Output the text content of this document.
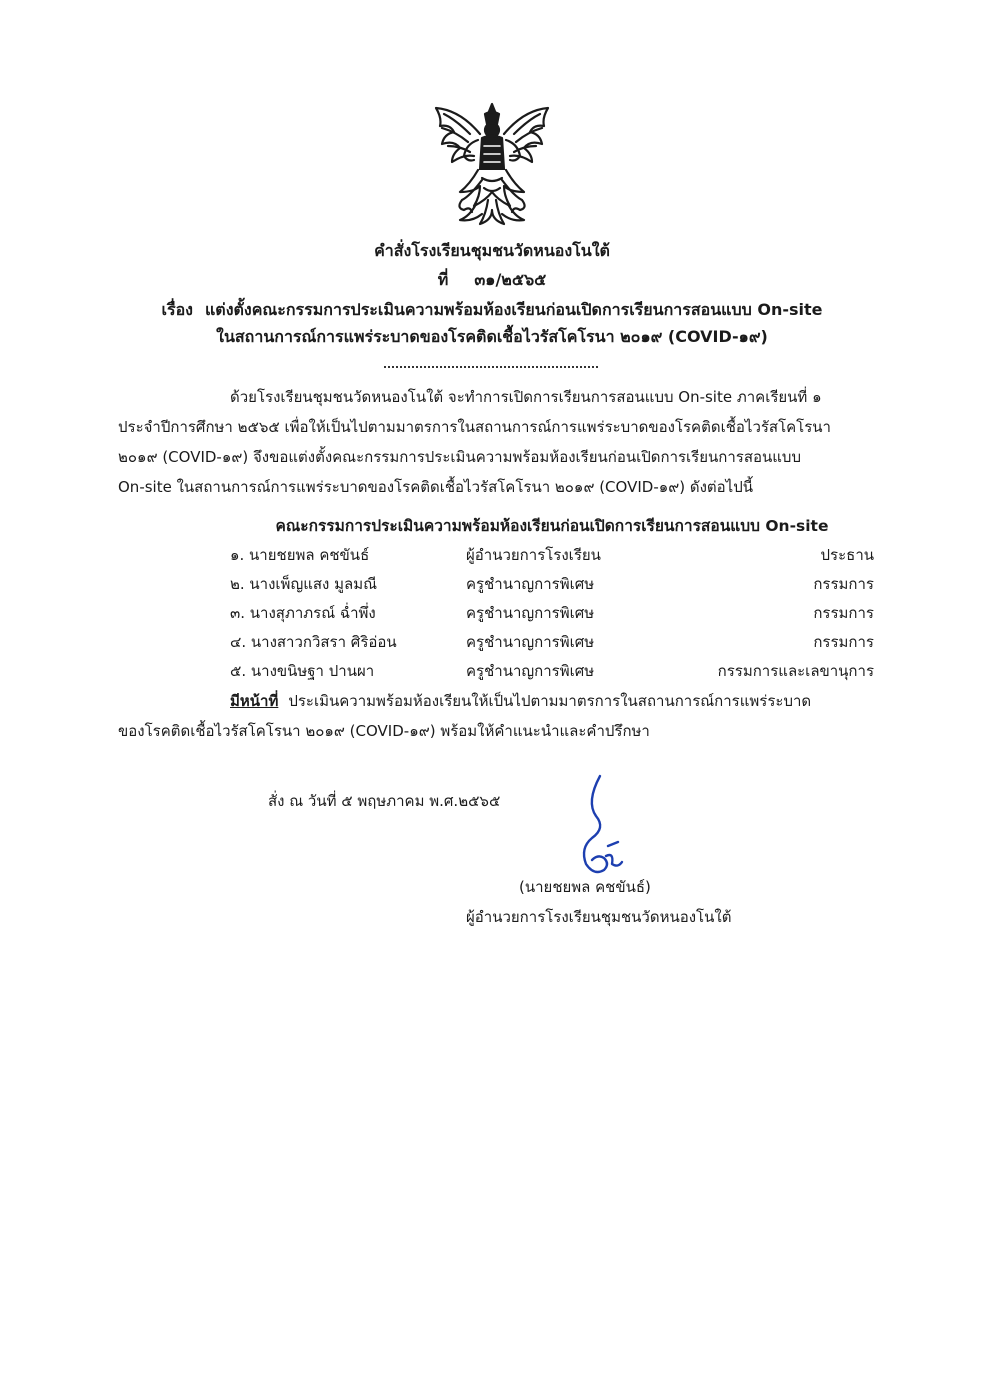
คำสั่งโรงเรียนชุมชนวัดหนองโนใต้
ที่ ๓๑/๒๕๖๕
เรื่อง แต่งตั้งคณะกรรมการประเมินความพร้อมห้องเรียนก่อนเปิดการเรียนการสอนแบบ On-site
ในสถานการณ์การแพร่ระบาดของโรคติดเชื้อไวรัสโคโรนา ๒๐๑๙ (COVID-๑๙)
ด้วยโรงเรียนชุมชนวัดหนองโนใต้ จะทำการเปิดการเรียนการสอนแบบ On-site ภาคเรียนที่ ๑
ประจำปีการศึกษา ๒๕๖๕ เพื่อให้เป็นไปตามมาตรการในสถานการณ์การแพร่ระบาดของโรคติดเชื้อไวรัสโคโรนา
๒๐๑๙ (COVID-๑๙) จึงขอแต่งตั้งคณะกรรมการประเมินความพร้อมห้องเรียนก่อนเปิดการเรียนการสอนแบบ
On-site ในสถานการณ์การแพร่ระบาดของโรคติดเชื้อไวรัสโคโรนา ๒๐๑๙ (COVID-๑๙) ดังต่อไปนี้
คณะกรรมการประเมินความพร้อมห้องเรียนก่อนเปิดการเรียนการสอนแบบ On-site
๑. นายชยพล คชขันธ์	ผู้อำนวยการโรงเรียน	ประธาน
๒. นางเพ็ญแสง มูลมณี	ครูชำนาญการพิเศษ	กรรมการ
๓. นางสุภาภรณ์ ฉ่ำพึ่ง	ครูชำนาญการพิเศษ	กรรมการ
๔. นางสาวกวิสรา ศิริอ่อน	ครูชำนาญการพิเศษ	กรรมการ
๕. นางขนิษฐา ปานผา	ครูชำนาญการพิเศษ	กรรมการและเลขานุการ
มีหน้าที่ ประเมินความพร้อมห้องเรียนให้เป็นไปตามมาตรการในสถานการณ์การแพร่ระบาด
ของโรคติดเชื้อไวรัสโคโรนา ๒๐๑๙ (COVID-๑๙) พร้อมให้คำแนะนำและคำปรึกษา
สั่ง ณ วันที่ ๕ พฤษภาคม พ.ศ.๒๕๖๕
(นายชยพล คชขันธ์)
ผู้อำนวยการโรงเรียนชุมชนวัดหนองโนใต้
